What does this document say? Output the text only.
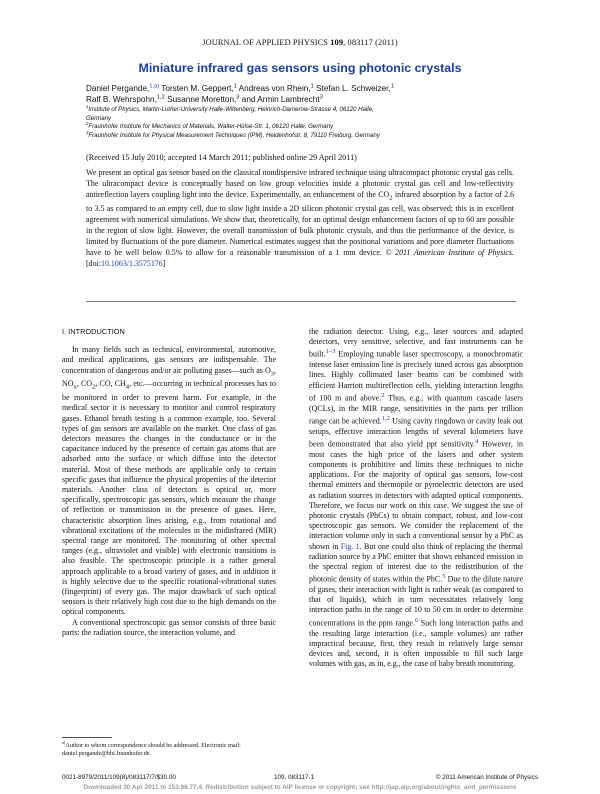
JOURNAL OF APPLIED PHYSICS 109, 083117 (2011)
Miniature infrared gas sensors using photonic crystals
Daniel Pergande,$^{1,a)}$ Torsten M. Geppert,$^1$ Andreas von Rhein,$^1$ Stefan L. Schweizer,$^1$
Ralf B. Wehrspohn,$^{1,2}$ Susanne Moretton,$^3$ and Armin Lambrecht$^3$
$^1$Institute of Physics, Martin-Luther-University Halle-Wittenberg, Heinrich-Damerow-Strasse 4, 06120 Halle,
Germany
$^2$Fraunhofer Institute for Mechanics of Materials, Walter-Hülse-Str. 1, 06120 Halle, Germany
$^3$Fraunhofer Institute for Physical Measurement Techniques (IPM), Heidenhofstr. 8, 79110 Freiburg, Germany
(Received 15 July 2010; accepted 14 March 2011; published online 29 April 2011)
We present an optical gas sensor based on the classical nondispersive infrared technique using ultracompact photonic crystal gas cells. The ultracompact device is conceptually based on low group velocities inside a photonic crystal gas cell and low-reflectivity antireflection layers coupling light into the device. Experimentally, an enhancement of the $CO_2$ infrared absorption by a factor of 2.6 to 3.5 as compared to an empty cell, due to slow light inside a 2D silicon photonic crystal gas cell, was observed; this is in excellent agreement with numerical simulations. We show that, theoretically, for an optimal design enhancement factors of up to 60 are possible in the region of slow light. However, the overall transmission of bulk photonic crystals, and thus the performance of the device, is limited by fluctuations of the pore diameter. Numerical estimates suggest that the positional variations and pore diameter fluctuations have to be well below 0.5% to allow for a reasonable transmission of a 1 mm device. © 2011 American Institute of Physics. [doi:10.1063/1.3575176]
I. INTRODUCTION

In many fields such as technical, environmental, automotive, and medical applications, gas sensors are indispensable. The concentration of dangerous and/or air polluting gases—such as $O_3$, $NO_x$, $CO_2$, CO, $CH_4$, etc.—occurring in technical processes has to be monitored in order to prevent harm. For example, in the medical sector it is necessary to monitor and control respiratory gases. Ethanol breath testing is a common example, too. Several types of gas sensors are available on the market. One class of gas detectors measures the changes in the conductance or in the capacitance induced by the presence of certain gas atoms that are adsorbed onto the surface or which diffuse into the detector material. Most of these methods are applicable only to certain specific gases that influence the physical properties of the detector materials. Another class of detectors is optical or, more specifically, spectroscopic gas sensors, which measure the change of reflection or transmission in the presence of gases. Here, characteristic absorption lines arising, e.g., from rotational and vibrational excitations of the molecules in the midinfrared (MIR) spectral range are monitored. The monitoring of other spectral ranges (e.g., ultraviolet and visible) with electronic transitions is also feasible. The spectroscopic principle is a rather general approach applicable to a broad variety of gases, and in addition it is highly selective due to the specific rotational-vibrational states (fingerprint) of every gas. The major drawback of such optical sensors is their relatively high cost due to the high demands on the optical components.

A conventional spectroscopic gas sensor consists of three basic parts: the radiation source, the interaction volume, and

the radiation detector. Using, e.g., laser sources and adapted detectors, very sensitive, selective, and fast instruments can be built.$^{1-3}$ Employing tunable laser spectroscopy, a monochromatic intense laser emission line is precisely tuned across gas absorption lines. Highly collimated laser beams can be combined with efficient Harriott multireflection cells, yielding interaction lengths of 100 m and above.$^2$ Thus, e.g., with quantum cascade lasers (QCLs), in the MIR range, sensitivities in the parts per trillion range can be achieved.$^{1,2}$ Using cavity ringdown or cavity leak out setups, effective interaction lengths of several kilometers have been demonstrated that also yield ppt sensitivity.$^4$ However, in most cases the high price of the lasers and other system components is prohibitive and limits these techniques to niche applications. For the majority of optical gas sensors, low-cost thermal emitters and thermopile or pyroelectric detectors are used as radiation sources in detectors with adapted optical components. Therefore, we focus our work on this case. We suggest the use of photonic crystals (PhCs) to obtain compact, robust, and low-cost spectroscopic gas sensors. We consider the replacement of the interaction volume only in such a conventional sensor by a PhC as shown in Fig. 1. But one could also think of replacing the thermal radiation source by a PhC emitter that shows enhanced emission in the spectral region of interest due to the redistribution of the photonic density of states within the PhC.$^5$ Due to the dilute nature of gases, their interaction with light is rather weak (as compared to that of liquids), which in turn necessitates relatively long interaction paths in the range of 10 to 50 cm in order to determine concentrations in the ppm range.$^6$ Such long interaction paths and the resulting large interaction (i.e., sample volumes) are rather impractical because, first, they result in relatively large sensor devices and, second, it is often impossible to fill such large volumes with gas, as in, e.g., the case of baby breath monitoring.

$^{a)}$Author to whom correspondence should be addressed. Electronic mail: daniel.pergande@bhi.fraunhofer.de.
0021-8979/2011/109(8)/083117/7/$30.00	109, 083117-1	© 2011 American Institute of Physics
Downloaded 30 Apr 2011 to 153.96.77.4. Redistribution subject to AIP license or copyright; see http://jap.aip.org/about/rights_and_permissions
